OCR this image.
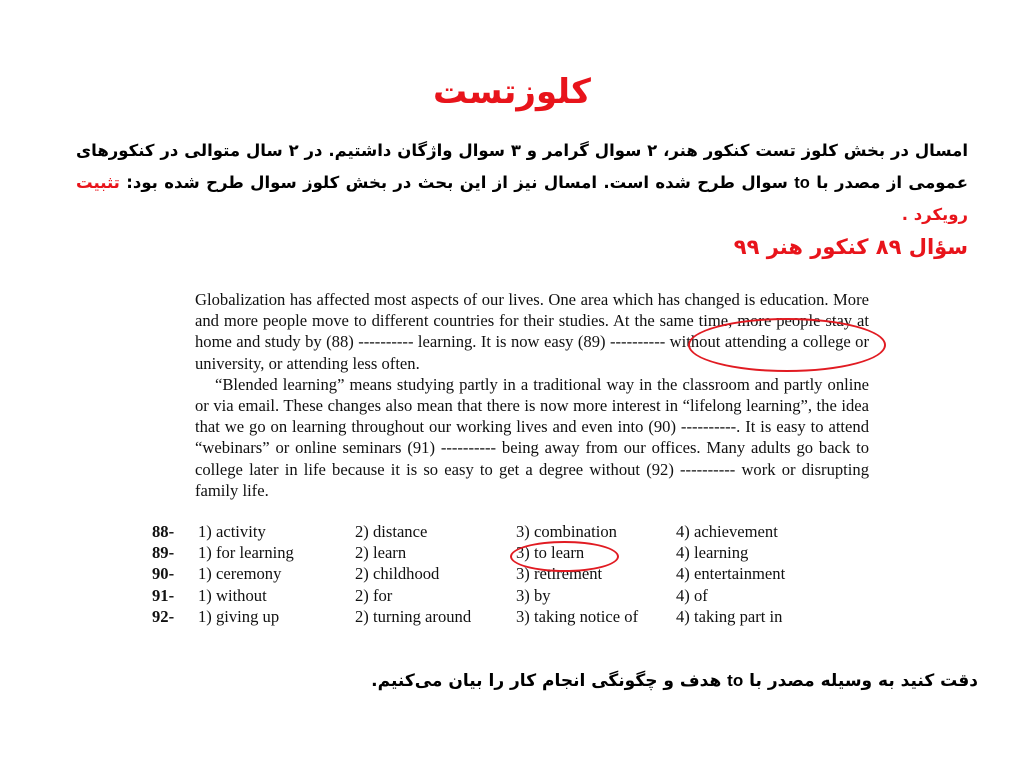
کلوزتست
امسال در بخش کلوز تست کنکور هنر، ۲ سوال گرامر و ۳ سوال واژگان داشتیم. در ۲ سال متوالی در کنکورهای عمومی از مصدر با to سوال طرح شده است. امسال نیز از این بحث در بخش کلوز سوال طرح شده بود: تثبیت رویکرد .
سؤال ۸۹ کنکور هنر ۹۹

Globalization has affected most aspects of our lives. One area which has changed is education. More and more people move to different countries for their studies. At the same time, more people stay at home and study by (88) ---------- learning. It is now easy (89) ---------- without attending a college or university, or attending less often.

“Blended learning” means studying partly in a traditional way in the classroom and partly online or via email. These changes also mean that there is now more interest in “lifelong learning”, the idea that we go on learning throughout our working lives and even into (90) ----------. It is easy to attend “webinars” or online seminars (91) ---------- being away from our offices. Many adults go back to college later in life because it is so easy to get a degree without (92) ---------- work or disrupting family life.

88-	1) activity	2) distance	3) combination	4) achievement
89-	1) for learning	2) learn	3) to learn	4) learning
90-	1) ceremony	2) childhood	3) retirement	4) entertainment
91-	1) without	2) for	3) by	4) of
92-	1) giving up	2) turning around	3) taking notice of	4) taking part in
دقت کنید به وسیله مصدر با to هدف و چگونگی انجام کار را بیان می‌کنیم.
